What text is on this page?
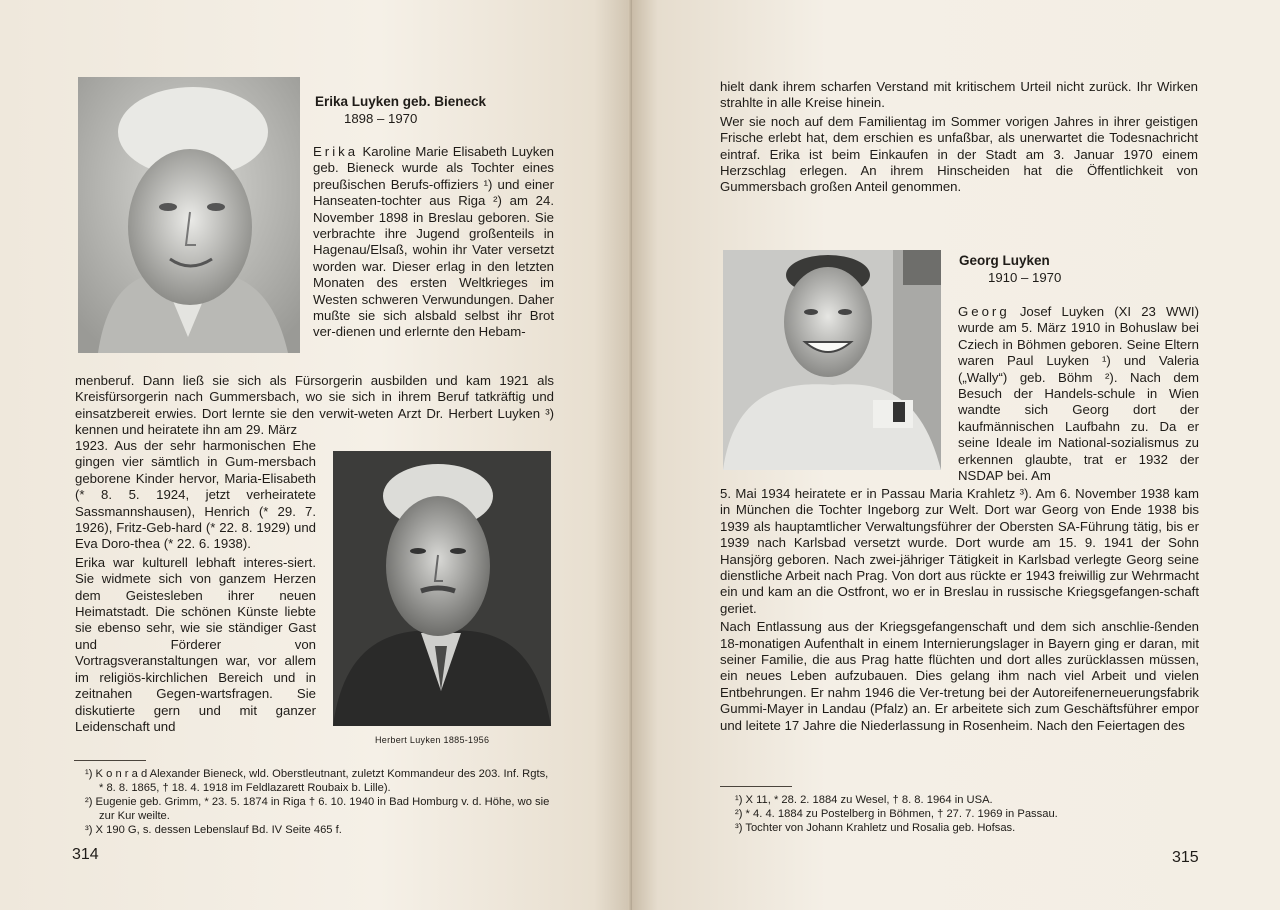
Erika Luyken geb. Bieneck
1898 – 1970
Erika Karoline Marie Elisabeth Luyken geb. Bieneck wurde als Tochter eines preußischen Berufs-offiziers ¹) und einer Hanseaten-tochter aus Riga ²) am 24. November 1898 in Breslau geboren. Sie verbrachte ihre Jugend großenteils in Hagenau/Elsaß, wohin ihr Vater versetzt worden war. Dieser erlag in den letzten Monaten des ersten Weltkrieges im Westen schweren Verwundungen. Daher mußte sie sich alsbald selbst ihr Brot ver-dienen und erlernte den Hebam-
menberuf. Dann ließ sie sich als Fürsorgerin ausbilden und kam 1921 als Kreisfürsorgerin nach Gummersbach, wo sie sich in ihrem Beruf tatkräftig und einsatzbereit erwies. Dort lernte sie den verwit-weten Arzt Dr. Herbert Luyken ³) kennen und heiratete ihn am 29. März

1923. Aus der sehr harmonischen Ehe gingen vier sämtlich in Gum-mersbach geborene Kinder hervor, Maria-Elisabeth (* 8. 5. 1924, jetzt verheiratete Sassmannshausen), Henrich (* 29. 7. 1926), Fritz-Geb-hard (* 22. 8. 1929) und Eva Doro-thea (* 22. 6. 1938).

Erika war kulturell lebhaft interes-siert. Sie widmete sich von ganzem Herzen dem Geistesleben ihrer neuen Heimatstadt. Die schönen Künste liebte sie ebenso sehr, wie sie ständiger Gast und Förderer von Vortragsveranstaltungen war, vor allem im religiös-kirchlichen Bereich und in zeitnahen Gegen-wartsfragen. Sie diskutierte gern und mit ganzer Leidenschaft und

Herbert Luyken 1885-1956
¹) K o n r a d Alexander Bieneck, wld. Oberstleutnant, zuletzt Kommandeur des 203. Inf. Rgts, * 8. 8. 1865, † 18. 4. 1918 im Feldlazarett Roubaix b. Lille).
²) Eugenie geb. Grimm, * 23. 5. 1874 in Riga † 6. 10. 1940 in Bad Homburg v. d. Höhe, wo sie zur Kur weilte.
³) X 190 G, s. dessen Lebenslauf Bd. IV Seite 465 f.
314

hielt dank ihrem scharfen Verstand mit kritischem Urteil nicht zurück. Ihr Wirken strahlte in alle Kreise hinein.

Wer sie noch auf dem Familientag im Sommer vorigen Jahres in ihrer geistigen Frische erlebt hat, dem erschien es unfaßbar, als unerwartet die Todesnachricht eintraf. Erika ist beim Einkaufen in der Stadt am 3. Januar 1970 einem Herzschlag erlegen. An ihrem Hinscheiden hat die Öffentlichkeit von Gummersbach großen Anteil genommen.

Georg Luyken
1910 – 1970
Georg Josef Luyken (XI 23 WWI) wurde am 5. März 1910 in Bohuslaw bei Cziech in Böhmen geboren. Seine Eltern waren Paul Luyken ¹) und Valeria („Wally“) geb. Böhm ²). Nach dem Besuch der Handels-schule in Wien wandte sich Georg dort der kaufmännischen Laufbahn zu. Da er seine Ideale im National-sozialismus zu erkennen glaubte, trat er 1932 der NSDAP bei. Am

5. Mai 1934 heiratete er in Passau Maria Krahletz ³). Am 6. November 1938 kam in München die Tochter Ingeborg zur Welt. Dort war Georg von Ende 1938 bis 1939 als hauptamtlicher Verwaltungsführer der Obersten SA-Führung tätig, bis er 1939 nach Karlsbad versetzt wurde. Dort wurde am 15. 9. 1941 der Sohn Hansjörg geboren. Nach zwei-jähriger Tätigkeit in Karlsbad verlegte Georg seine dienstliche Arbeit nach Prag. Von dort aus rückte er 1943 freiwillig zur Wehrmacht ein und kam an die Ostfront, wo er in Breslau in russische Kriegsgefangen-schaft geriet.

Nach Entlassung aus der Kriegsgefangenschaft und dem sich anschlie-ßenden 18-monatigen Aufenthalt in einem Internierungslager in Bayern ging er daran, mit seiner Familie, die aus Prag hatte flüchten und dort alles zurücklassen müssen, ein neues Leben aufzubauen. Dies gelang ihm nach viel Arbeit und vielen Entbehrungen. Er nahm 1946 die Ver-tretung bei der Autoreifenerneuerungsfabrik Gummi-Mayer in Landau (Pfalz) an. Er arbeitete sich zum Geschäftsführer empor und leitete 17 Jahre die Niederlassung in Rosenheim. Nach den Feiertagen des

¹) X 11, * 28. 2. 1884 zu Wesel, † 8. 8. 1964 in USA.
²) * 4. 4. 1884 zu Postelberg in Böhmen, † 27. 7. 1969 in Passau.
³) Tochter von Johann Krahletz und Rosalia geb. Hofsas.
315
